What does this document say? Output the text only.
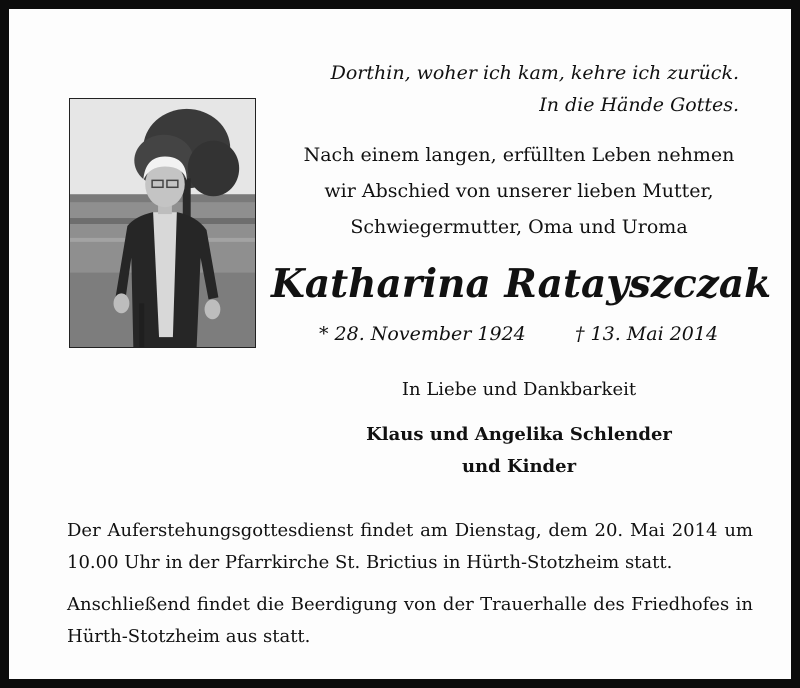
Dorthin, woher ich kam, kehre ich zurück.
In die Hände Gottes.
Nach einem langen, erfüllten Leben nehmen
wir Abschied von unserer lieben Mutter,
Schwiegermutter, Oma und Uroma
Katharina Ratayszczak
* 28. November 1924	† 13. Mai 2014
In Liebe und Dankbarkeit
Klaus und Angelika Schlender
und Kinder
Der Auferstehungsgottesdienst findet am Dienstag, dem 20. Mai 2014 um 10.00 Uhr in der Pfarrkirche St. Brictius in Hürth-Stotzheim statt.
Anschließend findet die Beerdigung von der Trauerhalle des Friedhofes in Hürth-Stotzheim aus statt.
